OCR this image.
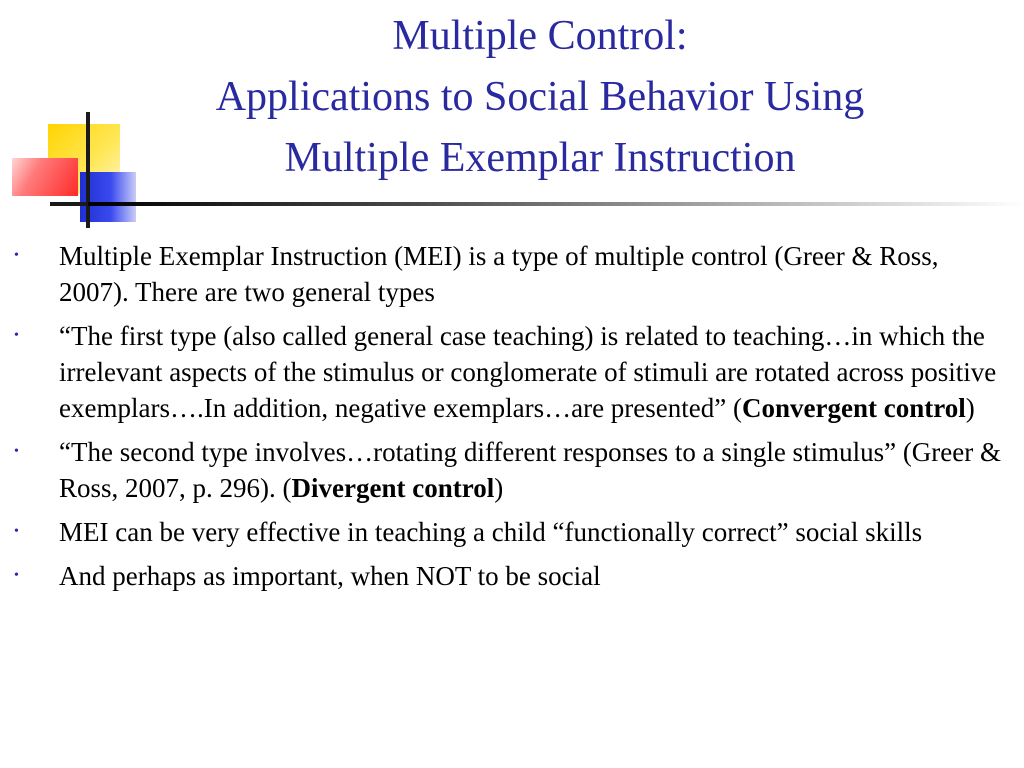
Multiple Control:
Applications to Social Behavior Using
Multiple Exemplar Instruction
• Multiple Exemplar Instruction (MEI) is a type of multiple control (Greer & Ross, 2007). There are two general types
• “The first type (also called general case teaching) is related to teaching…in which the irrelevant aspects of the stimulus or conglomerate of stimuli are rotated across positive exemplars….In addition, negative exemplars…are presented” (Convergent control)
• “The second type involves…rotating different responses to a single stimulus” (Greer & Ross, 2007, p. 296). (Divergent control)
• MEI can be very effective in teaching a child “functionally correct” social skills
• And perhaps as important, when NOT to be social
